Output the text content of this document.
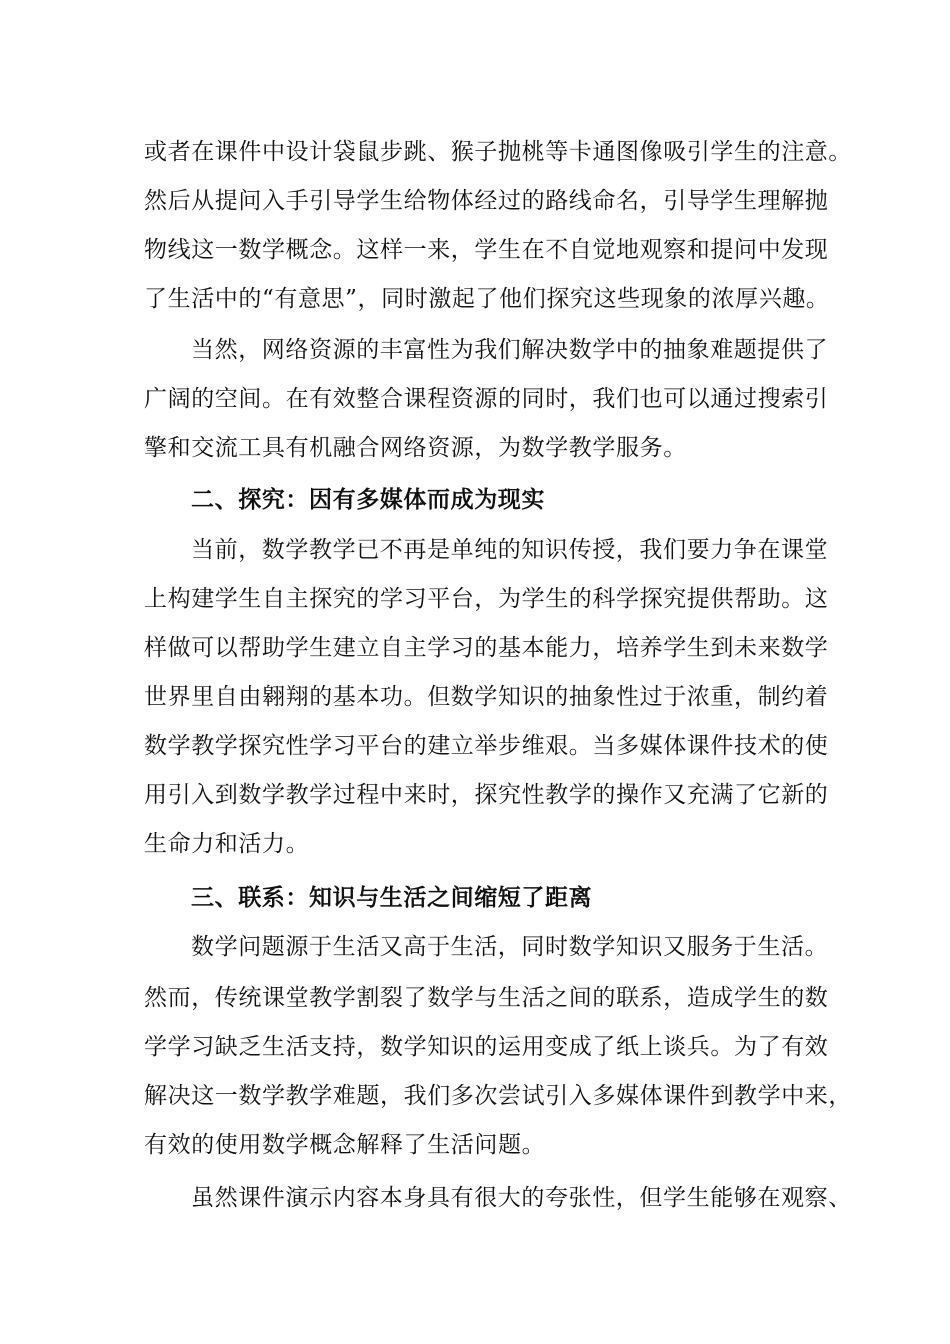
或者在课件中设计袋鼠步跳、猴子抛桃等卡通图像吸引学生的注意。
然后从提问入手引导学生给物体经过的路线命名，引导学生理解抛
物线这一数学概念。这样一来，学生在不自觉地观察和提问中发现
了生活中的“有意思”，同时激起了他们探究这些现象的浓厚兴趣。
当然，网络资源的丰富性为我们解决数学中的抽象难题提供了
广阔的空间。在有效整合课程资源的同时，我们也可以通过搜索引
擎和交流工具有机融合网络资源，为数学教学服务。
二、探究：因有多媒体而成为现实
当前，数学教学已不再是单纯的知识传授，我们要力争在课堂
上构建学生自主探究的学习平台，为学生的科学探究提供帮助。这
样做可以帮助学生建立自主学习的基本能力，培养学生到未来数学
世界里自由翱翔的基本功。但数学知识的抽象性过于浓重，制约着
数学教学探究性学习平台的建立举步维艰。当多媒体课件技术的使
用引入到数学教学过程中来时，探究性教学的操作又充满了它新的
生命力和活力。
三、联系：知识与生活之间缩短了距离
数学问题源于生活又高于生活，同时数学知识又服务于生活。
然而，传统课堂教学割裂了数学与生活之间的联系，造成学生的数
学学习缺乏生活支持，数学知识的运用变成了纸上谈兵。为了有效
解决这一数学教学难题，我们多次尝试引入多媒体课件到教学中来，
有效的使用数学概念解释了生活问题。
虽然课件演示内容本身具有很大的夸张性，但学生能够在观察、
